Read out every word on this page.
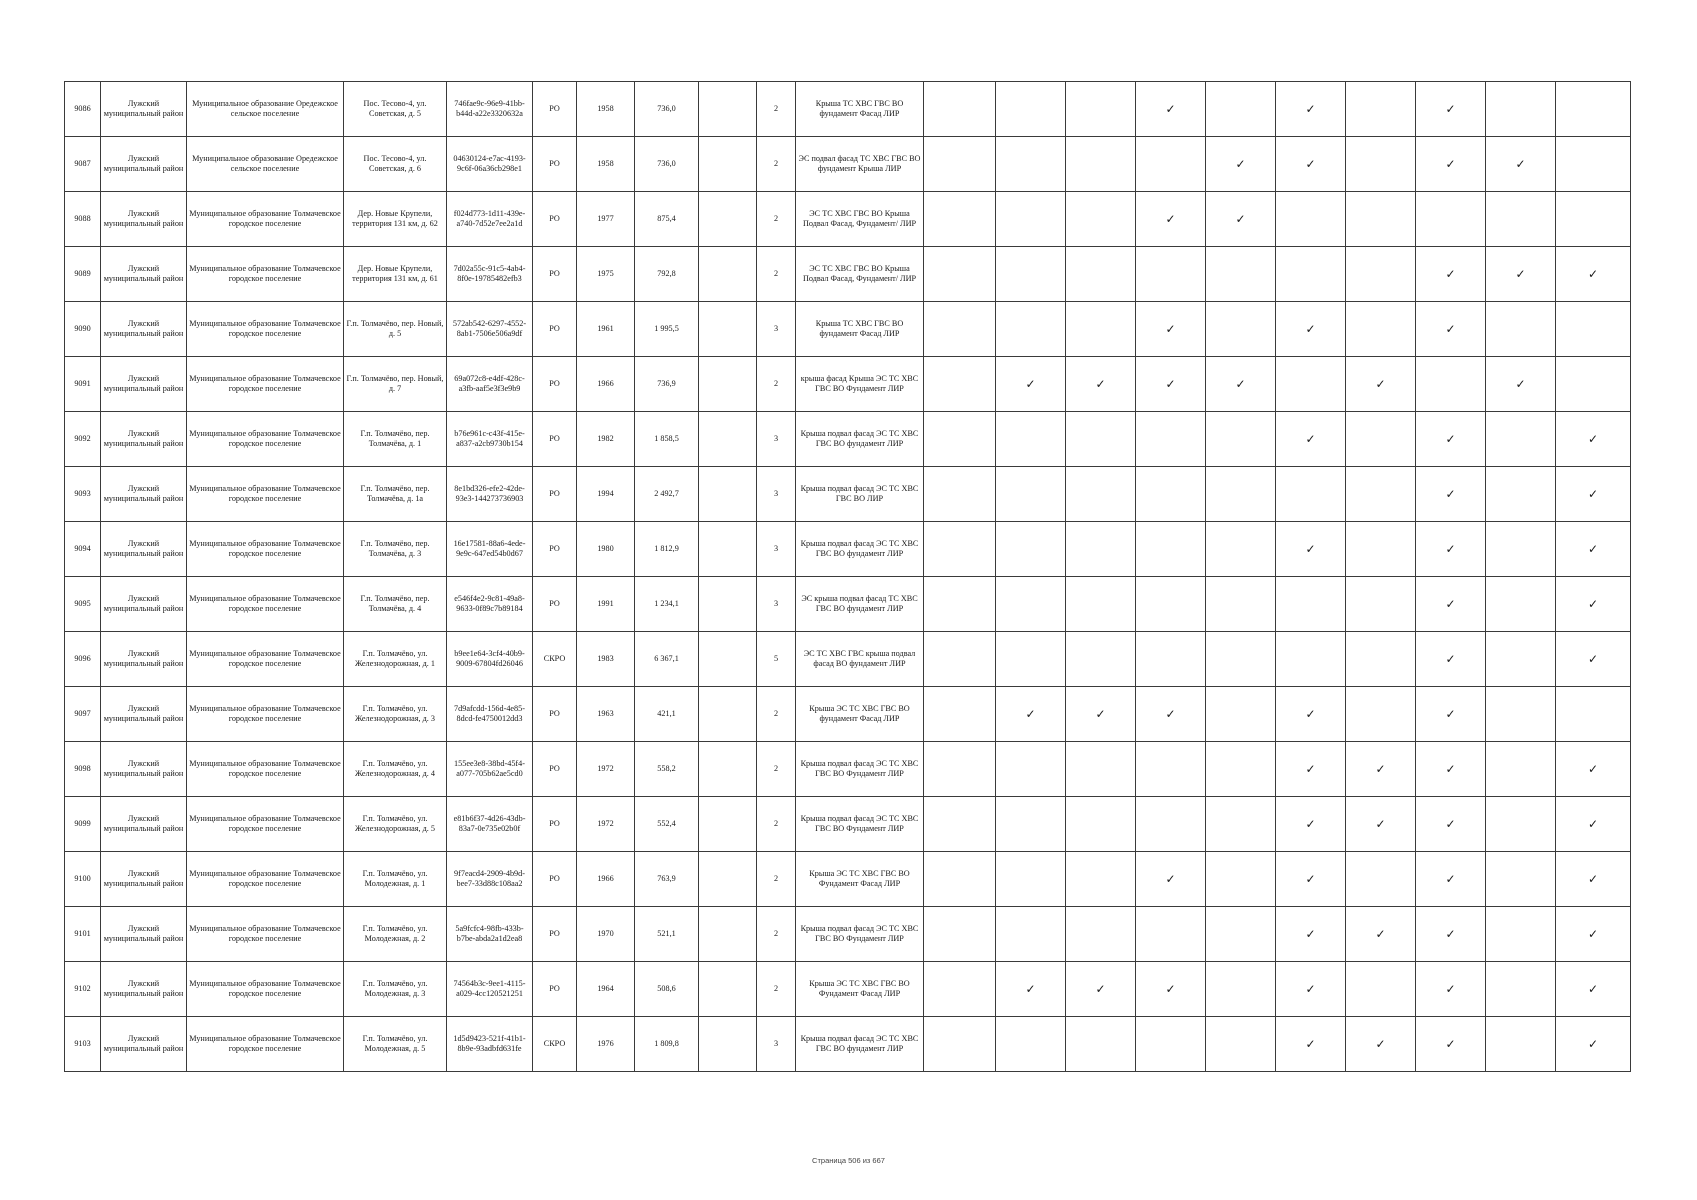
9086	Лужский муниципальный район	Муниципальное образование Оредежское сельское поселение	Пос. Тесово-4, ул. Советская, д. 5	746fae9c-96e9-41bb-b44d-a22e3320632a	РО	1958	736,0		2	Крыша ТС ХВС ГВС ВО фундамент Фасад ЛИР				✓		✓		✓		
9087	Лужский муниципальный район	Муниципальное образование Оредежское сельское поселение	Пос. Тесово-4, ул. Советская, д. 6	04630124-e7ac-4193-9c6f-06a36cb298e1	РО	1958	736,0		2	ЭС подвал фасад ТС ХВС ГВС ВО фундамент Крыша ЛИР					✓	✓		✓	✓	
9088	Лужский муниципальный район	Муниципальное образование Толмачевское городское поселение	Дер. Новые Крупели, территория 131 км, д. 62	f024d773-1d11-439e-a740-7d52e7ee2a1d	РО	1977	875,4		2	ЭС ТС ХВС ГВС ВО Крыша Подвал Фасад, Фундамент/ ЛИР				✓	✓					
9089	Лужский муниципальный район	Муниципальное образование Толмачевское городское поселение	Дер. Новые Крупели, территория 131 км, д. 61	7d02a55c-91c5-4ab4-8f0e-19785482efb3	РО	1975	792,8		2	ЭС ТС ХВС ГВС ВО Крыша Подвал Фасад, Фундамент/ ЛИР								✓	✓	✓
9090	Лужский муниципальный район	Муниципальное образование Толмачевское городское поселение	Г.п. Толмачёво, пер. Новый, д. 5	572ab542-6297-4552-8ab1-7506e506a9df	РО	1961	1 995,5		3	Крыша ТС ХВС ГВС ВО фундамент Фасад ЛИР				✓		✓		✓		
9091	Лужский муниципальный район	Муниципальное образование Толмачевское городское поселение	Г.п. Толмачёво, пер. Новый, д. 7	69a072c8-e4df-428c-a3fb-aaf5e3f3e9b9	РО	1966	736,9		2	крыша фасад Крыша ЭС ТС ХВС ГВС ВО Фундамент ЛИР		✓	✓	✓	✓		✓		✓	
9092	Лужский муниципальный район	Муниципальное образование Толмачевское городское поселение	Г.п. Толмачёво, пер. Толмачёва, д. 1	b76e961c-c43f-415e-a837-a2cb9730b154	РО	1982	1 858,5		3	Крыша подвал фасад ЭС ТС ХВС ГВС ВО фундамент ЛИР						✓		✓		✓
9093	Лужский муниципальный район	Муниципальное образование Толмачевское городское поселение	Г.п. Толмачёво, пер. Толмачёва, д. 1а	8e1bd326-efe2-42de-93e3-144273736903	РО	1994	2 492,7		3	Крыша подвал фасад ЭС ТС ХВС ГВС ВО ЛИР								✓		✓
9094	Лужский муниципальный район	Муниципальное образование Толмачевское городское поселение	Г.п. Толмачёво, пер. Толмачёва, д. 3	16e17581-88a6-4ede-9e9c-647ed54b0d67	РО	1980	1 812,9		3	Крыша подвал фасад ЭС ТС ХВС ГВС ВО фундамент ЛИР						✓		✓		✓
9095	Лужский муниципальный район	Муниципальное образование Толмачевское городское поселение	Г.п. Толмачёво, пер. Толмачёва, д. 4	e546f4e2-9c81-49a8-9633-0f89c7b89184	РО	1991	1 234,1		3	ЭС крыша подвал фасад ТС ХВС ГВС ВО фундамент ЛИР								✓		✓
9096	Лужский муниципальный район	Муниципальное образование Толмачевское городское поселение	Г.п. Толмачёво, ул. Железнодорожная, д. 1	b9ee1e64-3cf4-40b9-9009-67804fd26046	СКРО	1983	6 367,1		5	ЭС ТС ХВС ГВС крыша подвал фасад ВО фундамент ЛИР								✓		✓
9097	Лужский муниципальный район	Муниципальное образование Толмачевское городское поселение	Г.п. Толмачёво, ул. Железнодорожная, д. 3	7d9afcdd-156d-4e85-8dcd-fe4750012dd3	РО	1963	421,1		2	Крыша ЭС ТС ХВС ГВС ВО фундамент Фасад ЛИР		✓	✓	✓		✓		✓		
9098	Лужский муниципальный район	Муниципальное образование Толмачевское городское поселение	Г.п. Толмачёво, ул. Железнодорожная, д. 4	155ee3e8-38bd-45f4-a077-705b62ae5cd0	РО	1972	558,2		2	Крыша подвал фасад ЭС ТС ХВС ГВС ВО Фундамент ЛИР						✓	✓	✓		✓
9099	Лужский муниципальный район	Муниципальное образование Толмачевское городское поселение	Г.п. Толмачёво, ул. Железнодорожная, д. 5	e81b6f37-4d26-43db-83a7-0e735e02b0f	РО	1972	552,4		2	Крыша подвал фасад ЭС ТС ХВС ГВС ВО Фундамент ЛИР						✓	✓	✓		✓
9100	Лужский муниципальный район	Муниципальное образование Толмачевское городское поселение	Г.п. Толмачёво, ул. Молодежная, д. 1	9f7eacd4-2909-4b9d-bee7-33d88c108aa2	РО	1966	763,9		2	Крыша ЭС ТС ХВС ГВС ВО Фундамент Фасад ЛИР				✓		✓		✓		✓
9101	Лужский муниципальный район	Муниципальное образование Толмачевское городское поселение	Г.п. Толмачёво, ул. Молодежная, д. 2	5a9fcfc4-98fb-433b-b7be-abda2a1d2ea8	РО	1970	521,1		2	Крыша подвал фасад ЭС ТС ХВС ГВС ВО Фундамент ЛИР						✓	✓	✓		✓
9102	Лужский муниципальный район	Муниципальное образование Толмачевское городское поселение	Г.п. Толмачёво, ул. Молодежная, д. 3	74564b3c-9ee1-4115-a029-4cc120521251	РО	1964	508,6		2	Крыша ЭС ТС ХВС ГВС ВО Фундамент Фасад ЛИР		✓	✓	✓		✓		✓		✓
9103	Лужский муниципальный район	Муниципальное образование Толмачевское городское поселение	Г.п. Толмачёво, ул. Молодежная, д. 5	1d5d9423-521f-41b1-8b9e-93adbfd631fe	СКРО	1976	1 809,8		3	Крыша подвал фасад ЭС ТС ХВС ГВС ВО фундамент ЛИР						✓	✓	✓		✓
Страница 506 из 667
